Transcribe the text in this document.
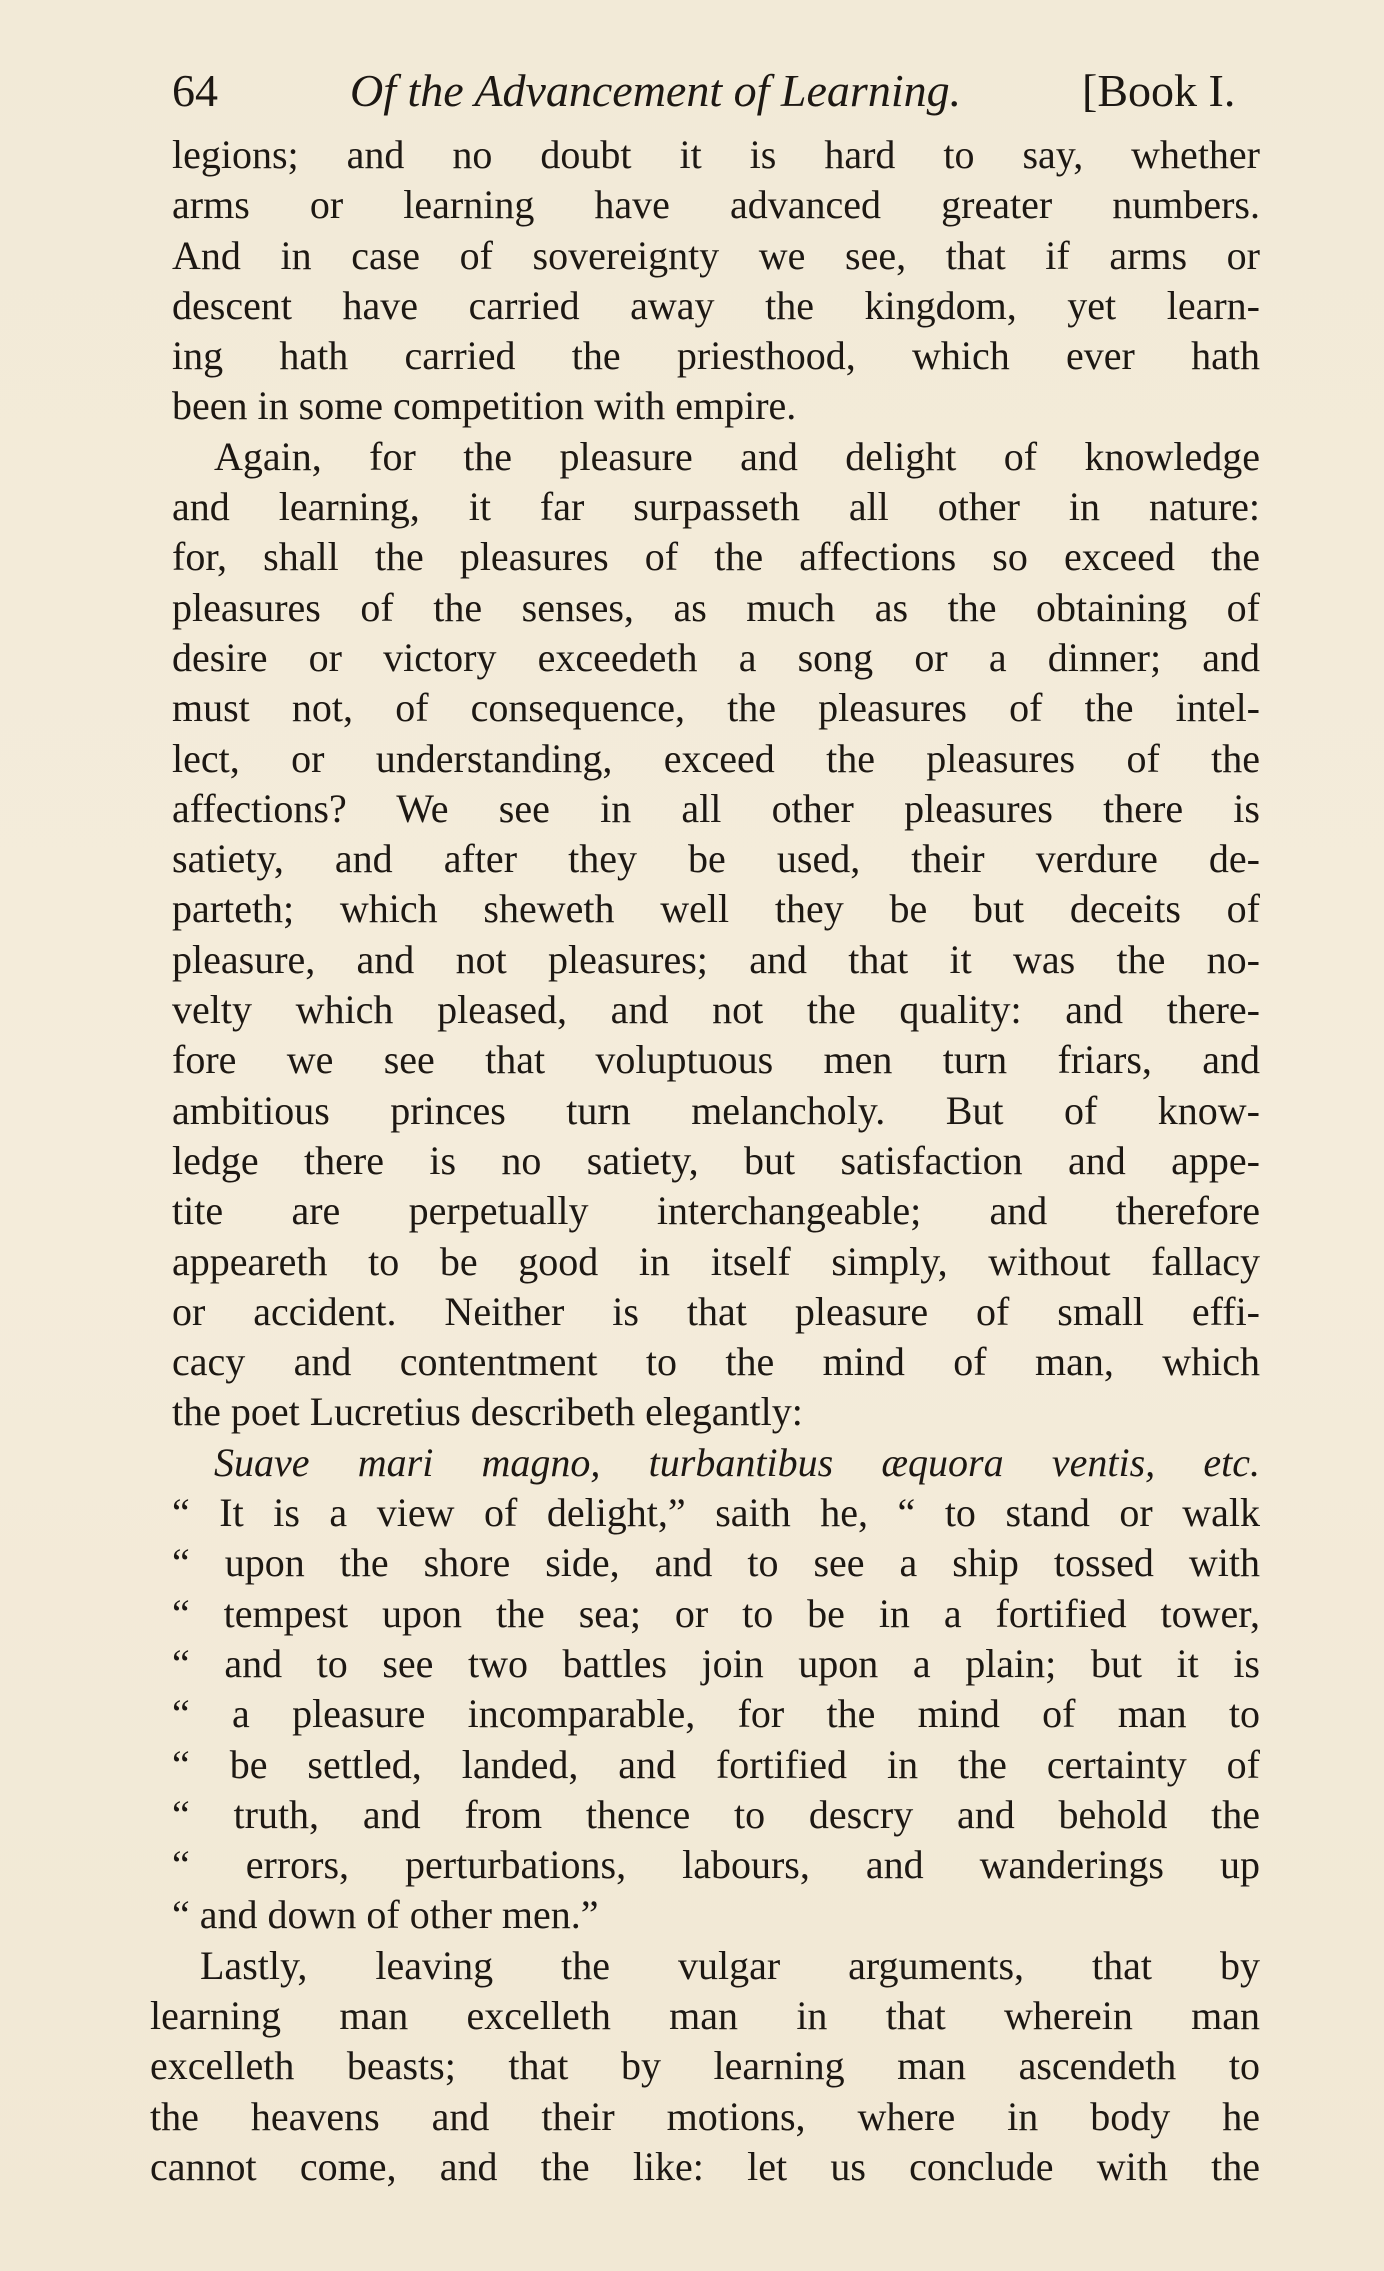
64	Of the Advancement of Learning.	[Book I.
legions; and no doubt it is hard to say, whether
arms or learning have advanced greater numbers.
And in case of sovereignty we see, that if arms or
descent have carried away the kingdom, yet learn-
ing hath carried the priesthood, which ever hath
been in some competition with empire.
Again, for the pleasure and delight of knowledge
and learning, it far surpasseth all other in nature:
for, shall the pleasures of the affections so exceed the
pleasures of the senses, as much as the obtaining of
desire or victory exceedeth a song or a dinner; and
must not, of consequence, the pleasures of the intel-
lect, or understanding, exceed the pleasures of the
affections? We see in all other pleasures there is
satiety, and after they be used, their verdure de-
parteth; which sheweth well they be but deceits of
pleasure, and not pleasures; and that it was the no-
velty which pleased, and not the quality: and there-
fore we see that voluptuous men turn friars, and
ambitious princes turn melancholy. But of know-
ledge there is no satiety, but satisfaction and appe-
tite are perpetually interchangeable; and therefore
appeareth to be good in itself simply, without fallacy
or accident. Neither is that pleasure of small effi-
cacy and contentment to the mind of man, which
the poet Lucretius describeth elegantly:
Suave mari magno, turbantibus æquora ventis, etc.
“ It is a view of delight,” saith he, “ to stand or walk
“ upon the shore side, and to see a ship tossed with
“ tempest upon the sea; or to be in a fortified tower,
“ and to see two battles join upon a plain; but it is
“ a pleasure incomparable, for the mind of man to
“ be settled, landed, and fortified in the certainty of
“ truth, and from thence to descry and behold the
“ errors, perturbations, labours, and wanderings up
“ and down of other men.”
Lastly, leaving the vulgar arguments, that by
learning man excelleth man in that wherein man
excelleth beasts; that by learning man ascendeth to
the heavens and their motions, where in body he
cannot come, and the like: let us conclude with the
